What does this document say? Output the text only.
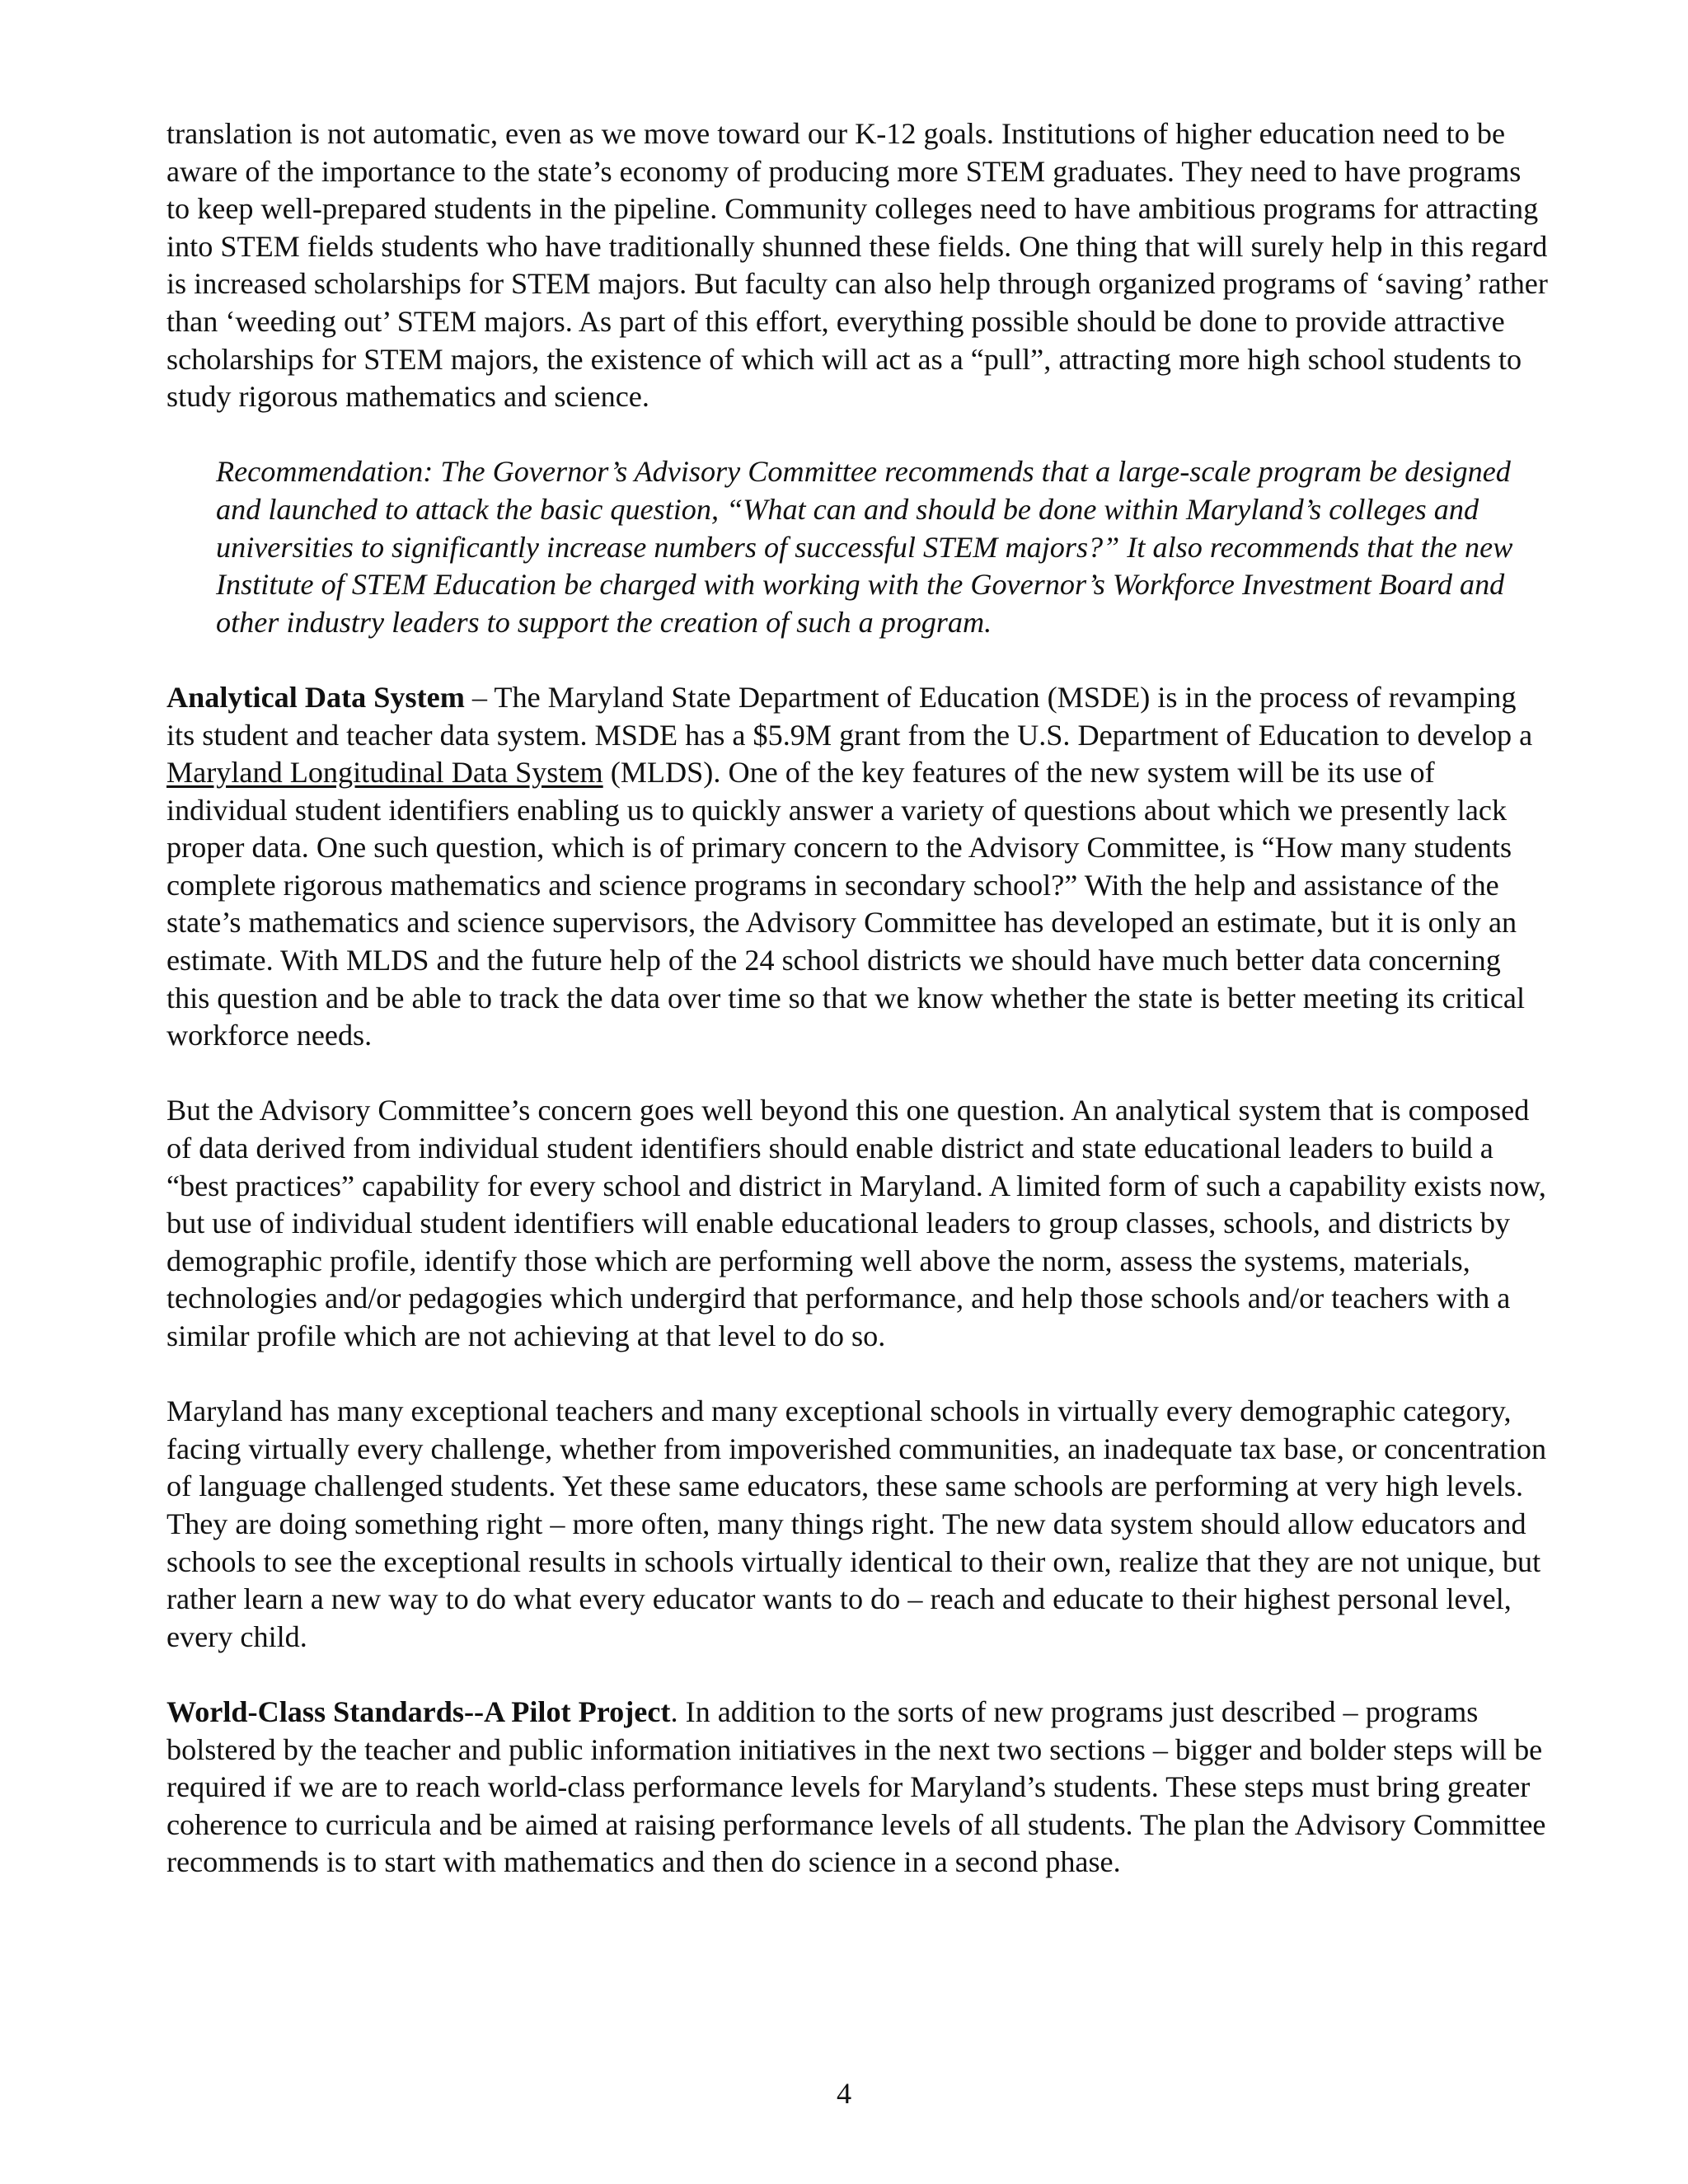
translation is not automatic, even as we move toward our K-12 goals. Institutions of higher education need to be aware of the importance to the state’s economy of producing more STEM graduates. They need to have programs to keep well-prepared students in the pipeline. Community colleges need to have ambitious programs for attracting into STEM fields students who have traditionally shunned these fields. One thing that will surely help in this regard is increased scholarships for STEM majors. But faculty can also help through organized programs of ‘saving’ rather than ‘weeding out’ STEM majors. As part of this effort, everything possible should be done to provide attractive scholarships for STEM majors, the existence of which will act as a “pull”, attracting more high school students to study rigorous mathematics and science.

Recommendation: The Governor’s Advisory Committee recommends that a large-scale program be designed and launched to attack the basic question, “What can and should be done within Maryland’s colleges and universities to significantly increase numbers of successful STEM majors?” It also recommends that the new Institute of STEM Education be charged with working with the Governor’s Workforce Investment Board and other industry leaders to support the creation of such a program.

Analytical Data System – The Maryland State Department of Education (MSDE) is in the process of revamping its student and teacher data system. MSDE has a $5.9M grant from the U.S. Department of Education to develop a Maryland Longitudinal Data System (MLDS). One of the key features of the new system will be its use of individual student identifiers enabling us to quickly answer a variety of questions about which we presently lack proper data. One such question, which is of primary concern to the Advisory Committee, is “How many students complete rigorous mathematics and science programs in secondary school?” With the help and assistance of the state’s mathematics and science supervisors, the Advisory Committee has developed an estimate, but it is only an estimate. With MLDS and the future help of the 24 school districts we should have much better data concerning this question and be able to track the data over time so that we know whether the state is better meeting its critical workforce needs.

But the Advisory Committee’s concern goes well beyond this one question. An analytical system that is composed of data derived from individual student identifiers should enable district and state educational leaders to build a “best practices” capability for every school and district in Maryland. A limited form of such a capability exists now, but use of individual student identifiers will enable educational leaders to group classes, schools, and districts by demographic profile, identify those which are performing well above the norm, assess the systems, materials, technologies and/or pedagogies which undergird that performance, and help those schools and/or teachers with a similar profile which are not achieving at that level to do so.

Maryland has many exceptional teachers and many exceptional schools in virtually every demographic category, facing virtually every challenge, whether from impoverished communities, an inadequate tax base, or concentration of language challenged students. Yet these same educators, these same schools are performing at very high levels. They are doing something right – more often, many things right. The new data system should allow educators and schools to see the exceptional results in schools virtually identical to their own, realize that they are not unique, but rather learn a new way to do what every educator wants to do – reach and educate to their highest personal level, every child.

World-Class Standards--A Pilot Project. In addition to the sorts of new programs just described – programs bolstered by the teacher and public information initiatives in the next two sections – bigger and bolder steps will be required if we are to reach world-class performance levels for Maryland’s students. These steps must bring greater coherence to curricula and be aimed at raising performance levels of all students. The plan the Advisory Committee recommends is to start with mathematics and then do science in a second phase.

4
